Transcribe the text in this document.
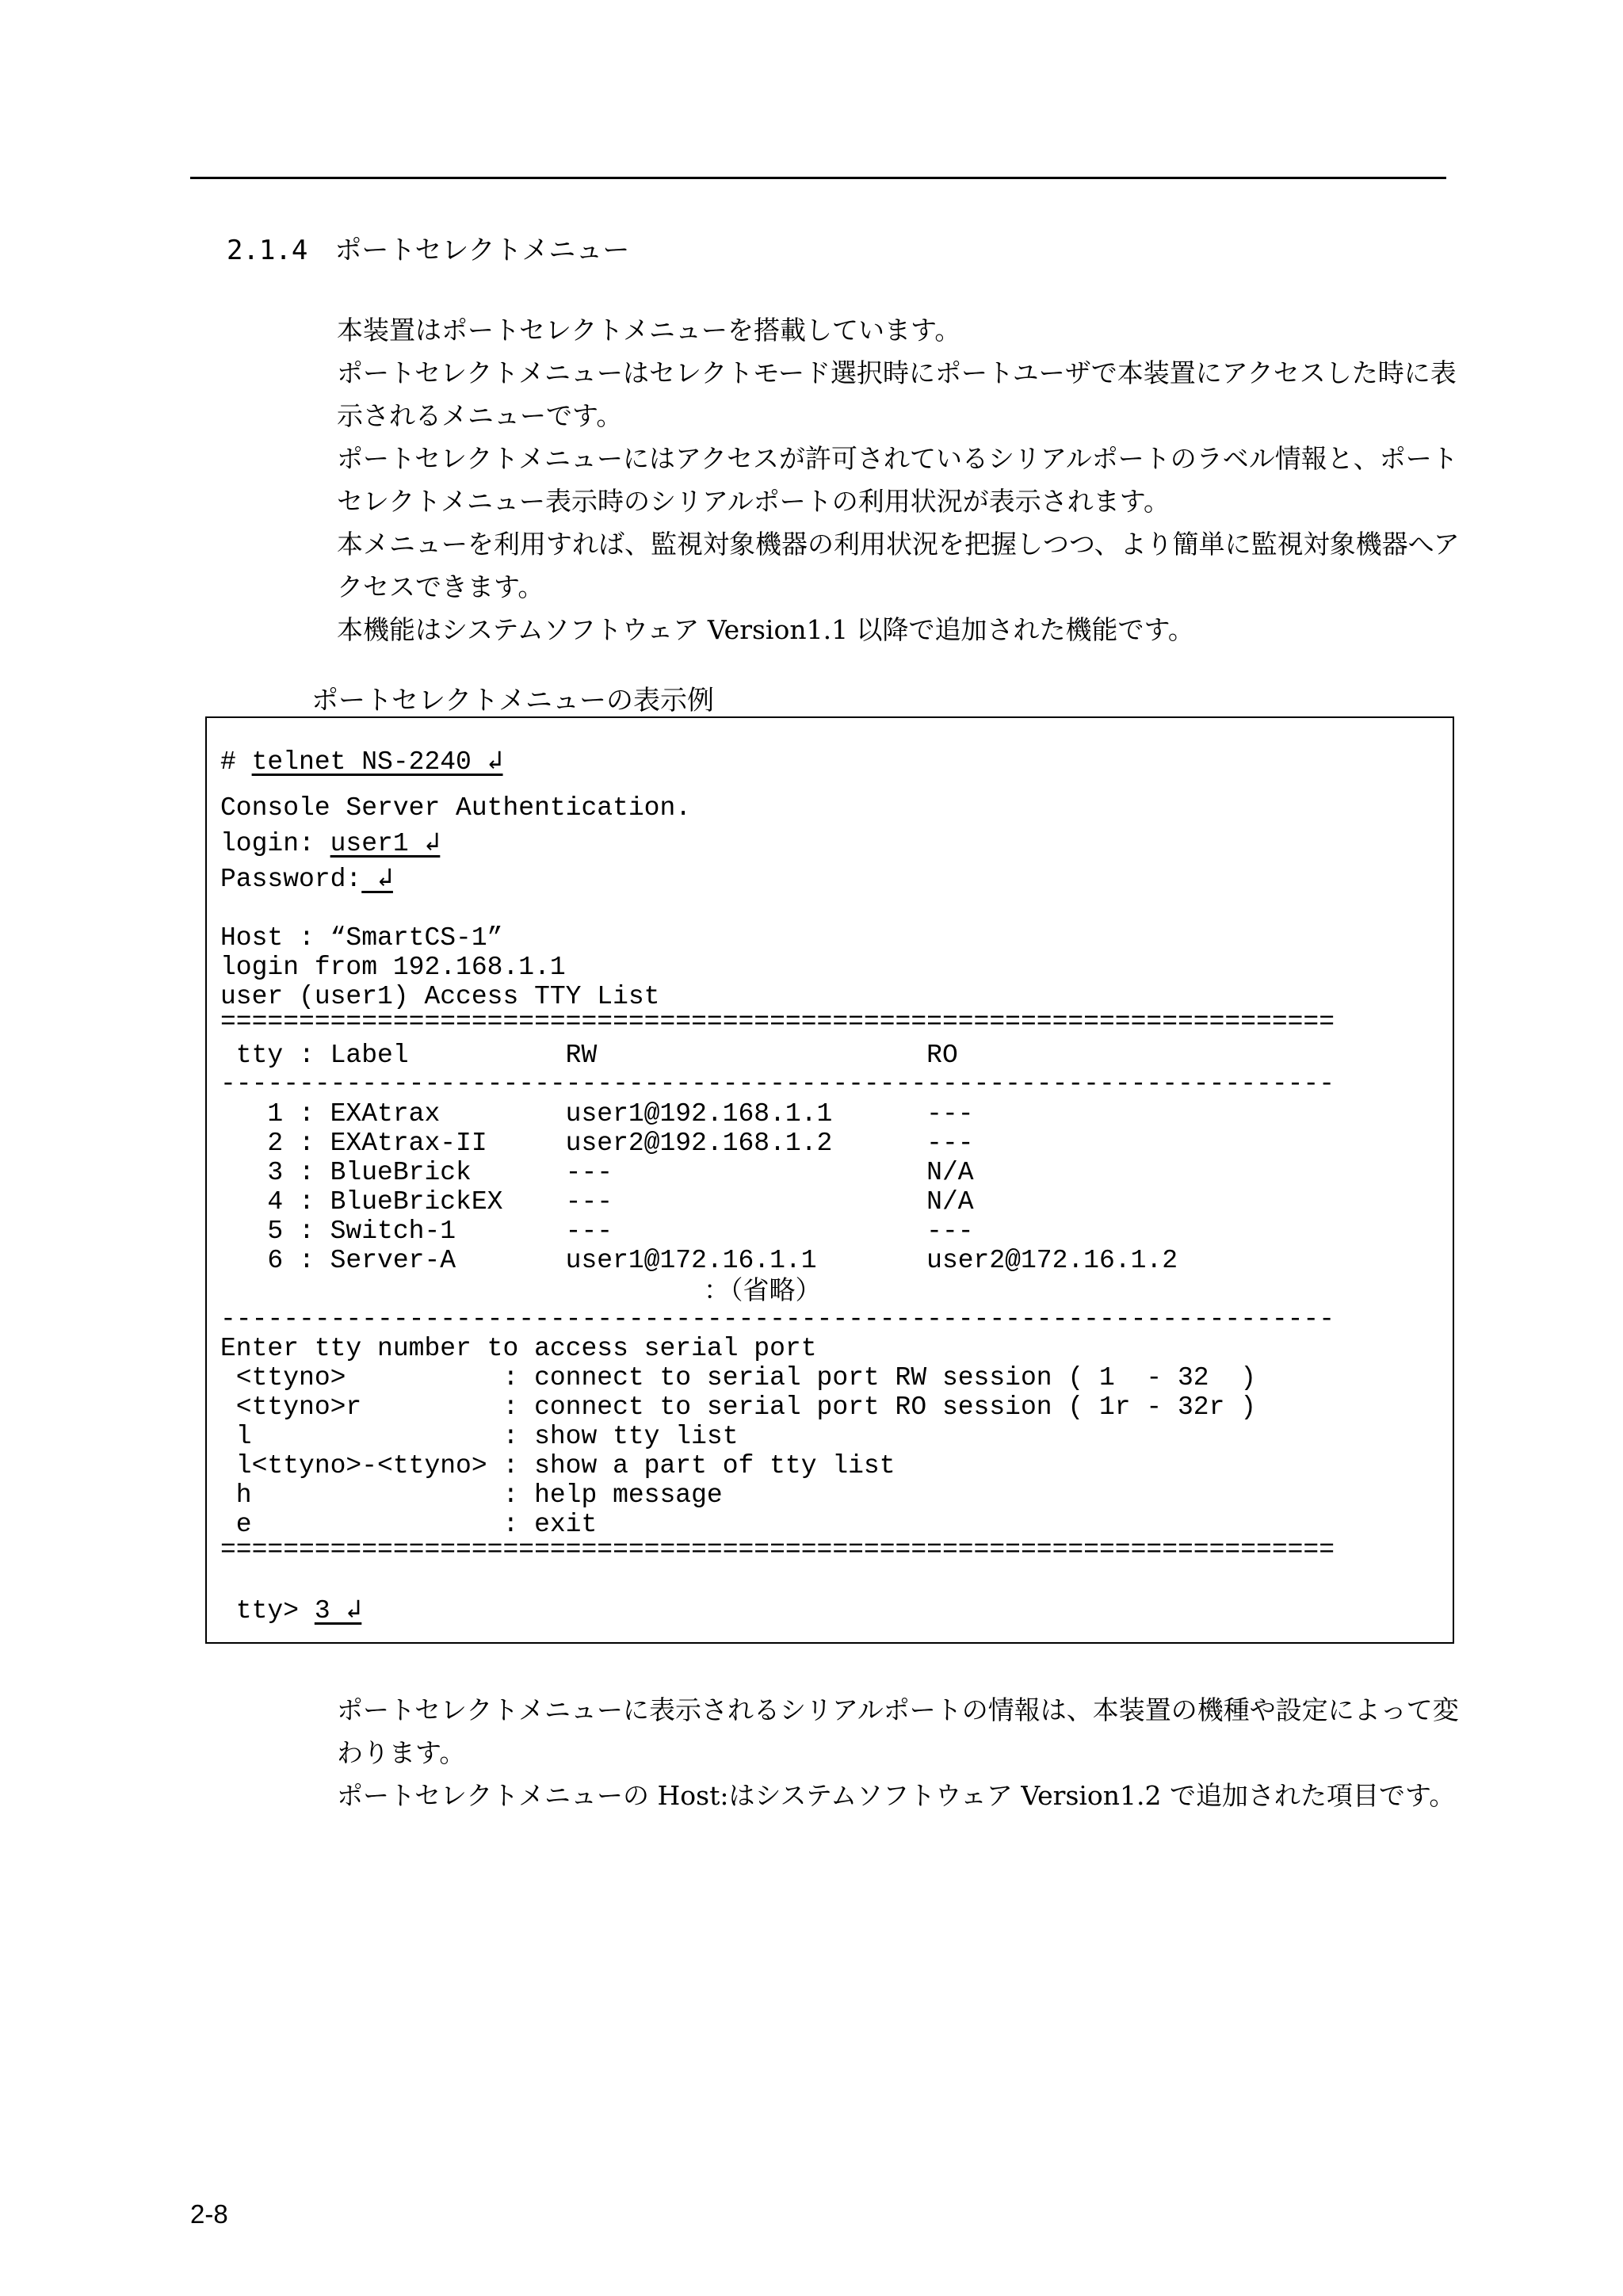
2.1.4 ポートセレクトメニュー

本装置はポートセレクトメニューを搭載しています。

ポートセレクトメニューはセレクトモード選択時にポートユーザで本装置にアクセスした時に表示されるメニューです。

ポートセレクトメニューにはアクセスが許可されているシリアルポートのラベル情報と、ポートセレクトメニュー表示時のシリアルポートの利用状況が表示されます。

本メニューを利用すれば、監視対象機器の利用状況を把握しつつ、より簡単に監視対象機器へアクセスできます。

本機能はシステムソフトウェア Version1.1 以降で追加された機能です。

ポートセレクトメニューの表示例
# telnet NS-2240 ↲
Console Server Authentication.
login: user1 ↲
Password: ↲
Host : “SmartCS-1”
login from 192.168.1.1
user (user1) Access TTY List
=======================================================================
tty : Label          RW                     RO
-----------------------------------------------------------------------
1 : EXAtrax        user1@192.168.1.1      ---
2 : EXAtrax-II     user2@192.168.1.2      ---
3 : BlueBrick      ---                    N/A
4 : BlueBrickEX    ---                    N/A
5 : Switch-1       ---                    ---
6 : Server-A       user1@172.16.1.1       user2@172.16.1.2
：（省略）
-----------------------------------------------------------------------
Enter tty number to access serial port
<ttyno>          : connect to serial port RW session ( 1  - 32  )
<ttyno>r         : connect to serial port RO session ( 1r - 32r )
l                : show tty list
l<ttyno>-<ttyno> : show a part of tty list
h                : help message
e                : exit
=======================================================================
tty> 3 ↲

ポートセレクトメニューに表示されるシリアルポートの情報は、本装置の機種や設定によって変わります。

ポートセレクトメニューの Host:はシステムソフトウェア Version1.2 で追加された項目です。

2-8
